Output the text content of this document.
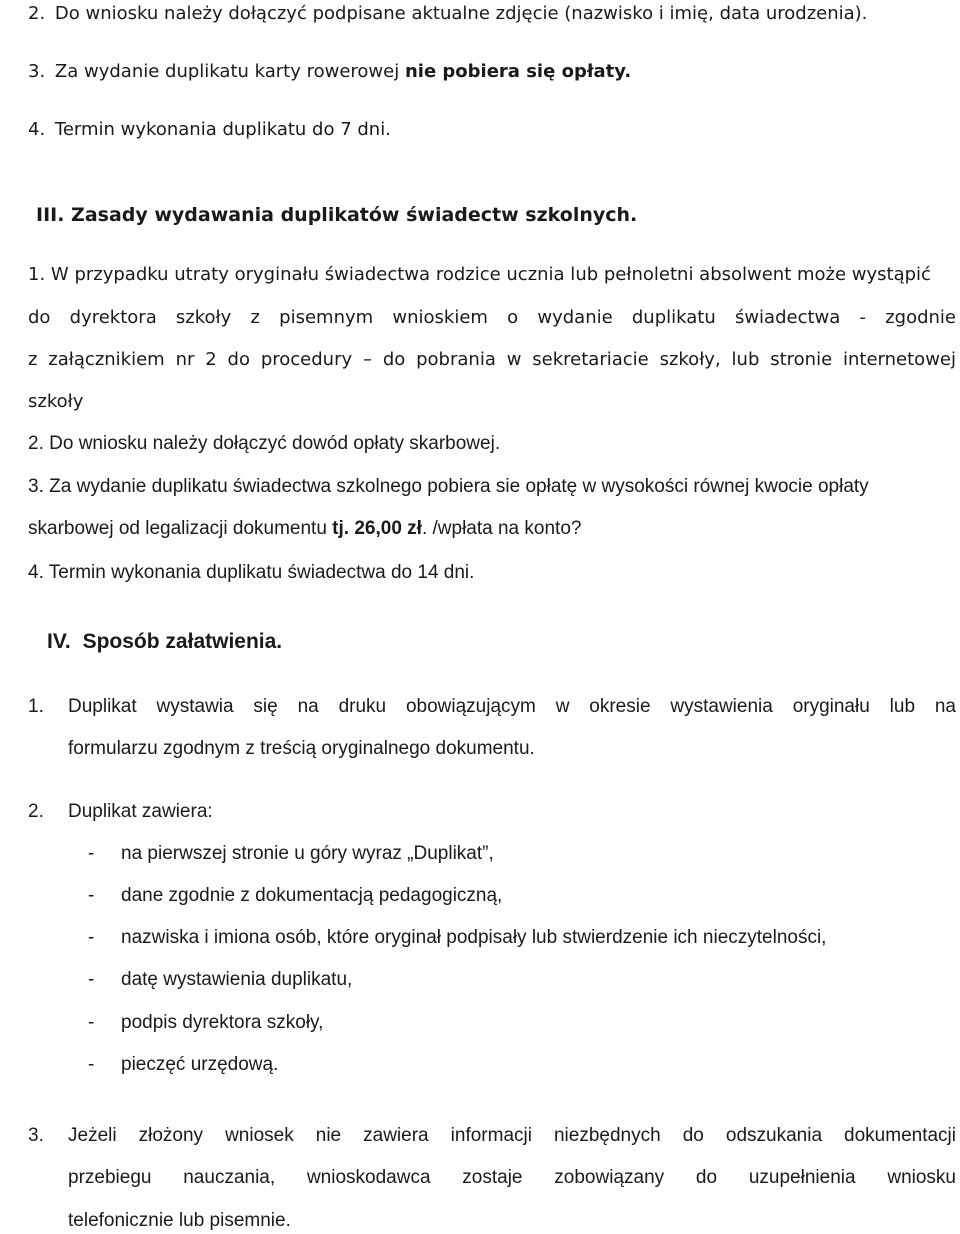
2. Do wniosku należy dołączyć podpisane aktualne zdjęcie (nazwisko i imię, data urodzenia).
3. Za wydanie duplikatu karty rowerowej nie pobiera się opłaty.
4. Termin wykonania duplikatu do 7 dni.
III. Zasady wydawania duplikatów świadectw szkolnych.
1. W przypadku utraty oryginału świadectwa rodzice ucznia lub pełnoletni absolwent może wystąpić
do dyrektora szkoły z pisemnym wnioskiem o wydanie duplikatu świadectwa - zgodnie
z załącznikiem nr 2 do procedury – do pobrania w sekretariacie szkoły, lub stronie internetowej
szkoły
2. Do wniosku należy dołączyć dowód opłaty skarbowej.
3. Za wydanie duplikatu świadectwa szkolnego pobiera sie opłatę w wysokości równej kwocie opłaty
skarbowej od legalizacji dokumentu tj. 26,00 zł. /wpłata na konto?
4. Termin wykonania duplikatu świadectwa do 14 dni.
IV. Sposób załatwienia.
1. Duplikat wystawia się na druku obowiązującym w okresie wystawienia oryginału lub na
formularzu zgodnym z treścią oryginalnego dokumentu.
2. Duplikat zawiera:
- na pierwszej stronie u góry wyraz „Duplikat”,
- dane zgodnie z dokumentacją pedagogiczną,
- nazwiska i imiona osób, które oryginał podpisały lub stwierdzenie ich nieczytelności,
- datę wystawienia duplikatu,
- podpis dyrektora szkoły,
- pieczęć urzędową.
3. Jeżeli złożony wniosek nie zawiera informacji niezbędnych do odszukania dokumentacji
przebiegu nauczania, wnioskodawca zostaje zobowiązany do uzupełnienia wniosku
telefonicznie lub pisemnie.
